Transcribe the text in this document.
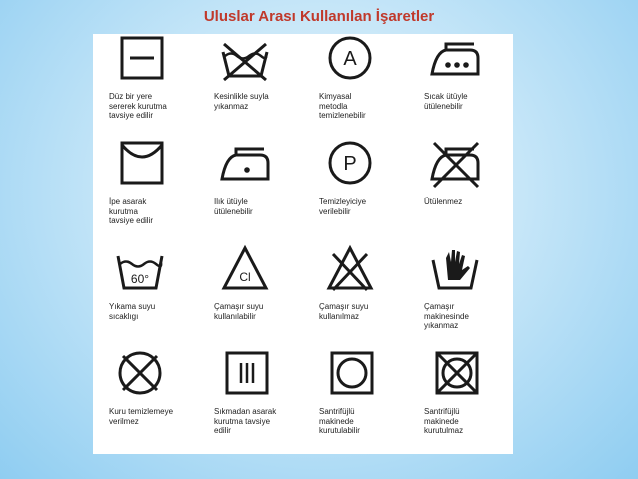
Uluslar Arası Kullanılan İşaretler
Düz bir yere
sererek kurutma
tavsiye edilir
Kesinlikle suyla
yıkanmaz
A
Kimyasal
metodla
temizlenebilir
Sıcak ütüyle
ütülenebilir
İpe asarak
kurutma
tavsiye edilir
Ilık ütüyle
ütülenebilir
P
Temizleyiciye
verilebilir
Ütülenmez
60°
Yıkama suyu
sıcaklıgı
Cl
Çamaşır suyu
kullanılabilir
Çamaşır suyu
kullanılmaz
Çamaşır
makinesinde
yıkanmaz
Kuru temizlemeye
verilmez
Sıkmadan asarak
kurutma tavsiye
edilir
Santrifüjlü
makinede
kurutulabilir
Santrifüjlü
makinede
kurutulmaz
